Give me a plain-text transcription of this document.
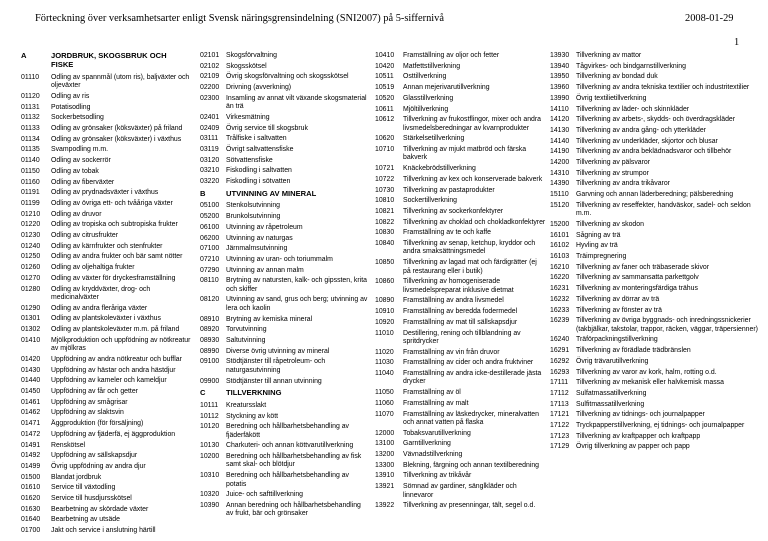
Förteckning över verksamhetsarter enligt Svensk näringsgrensindelning (SNI2007) på 5-siffernivå	2008-01-29
1
A	JORDBRUK, SKOGSBRUK OCH FISKE
01110	Odling av spannmål (utom ris), baljväxter och oljeväxter
01120	Odling av ris
01131	Potatisodling
01132	Sockerbetsodling
01133	Odling av grönsaker (köksväxter) på friland
01134	Odling av grönsaker (köksväxter) i växthus
01135	Svampodling m.m.
01140	Odling av sockerrör
01150	Odling av tobak
01160	Odling av fiberväxter
01191	Odling av prydnadsväxter i växthus
01199	Odling av övriga ett- och tvååriga växter
01210	Odling av druvor
01220	Odling av tropiska och subtropiska frukter
01230	Odling av citrusfrukter
01240	Odling av kärnfrukter och stenfrukter
01250	Odling av andra frukter och bär samt nötter
01260	Odling av oljehaltiga frukter
01270	Odling av växter för dryckesframställning
01280	Odling av kryddväxter, drog- och medicinalväxter
01290	Odling av andra fleråriga växter
01301	Odling av plantskoleväxter i växthus
01302	Odling av plantskoleväxter m.m. på friland
01410	Mjölkproduktion och uppfödning av nötkreatur av mjölkras
01420	Uppfödning av andra nötkreatur och bufflar
01430	Uppfödning av hästar och andra hästdjur
01440	Uppfödning av kameler och kameldjur
01450	Uppfödning av får och getter
01461	Uppfödning av smågrisar
01462	Uppfödning av slaktsvin
01471	Äggproduktion (för försäljning)
01472	Uppfödning av fjäderfä, ej äggproduktion
01491	Renskötsel
01492	Uppfödning av sällskapsdjur
01499	Övrig uppfödning av andra djur
01500	Blandat jordbruk
01610	Service till växtodling
01620	Service till husdjursskötsel
01630	Bearbetning av skördade växter
01640	Bearbetning av utsäde
01700	Jakt och service i anslutning härtill
02101 Skogsförvaltning
02102 Skogsskötsel
02109 Övrig skogsförvaltning och skogsskötsel
02200 Drivning (avverkning)
02300 Insamling av annat vilt växande skogsmaterial än trä
02401 Virkesmätning
02409 Övrig service till skogsbruk
03111	Trålfiske i saltvatten
03119	Övrigt saltvattensfiske
03120 Sötvattensfiske
03210 Fiskodling i saltvatten
03220 Fiskodling i sötvatten
B	UTVINNING AV MINERAL
05100 Stenkolsutvinning
05200 Brunkolsutvinning
06100 Utvinning av råpetroleum
06200 Utvinning av naturgas
07100 Järnmalmsutvinning
07210 Utvinning av uran- och toriummalm
07290 Utvinning av annan malm
08110	Brytning av natursten, kalk- och gipssten, krita och skiffer
08120 Utvinning av sand, grus och berg; utvinning av lera och kaolin
08910 Brytning av kemiska mineral
08920 Torvutvinning
08930 Saltutvinning
08990 Diverse övrig utvinning av mineral
09100 Stödtjänster till råpetroleum- och naturgasutvinning
09900 Stödtjänster till annan utvinning
C	TILLVERKNING
10111	Kreatursslakt
10112	Styckning av kött
10120 Beredning och hållbarhetsbehandling av fjäderfäkött
10130 Charkuteri- och annan köttvarutillverkning
10200 Beredning och hållbarhetsbehandling av fisk samt skal- och blötdjur
10310 Beredning och hållbarhetsbehandling av potatis
10320 Juice- och safttillverkning
10390 Annan beredning och hållbarhetsbehandling av frukt, bär och grönsaker
10410	Framställning av oljor och fetter
10420	Matfettstillverkning
10511	Osttillverkning
10519	Annan mejerivarutillverkning
10520	Glasstillverkning
10611	Mjöltillverkning
10612	Tillverkning av frukostflingor, mixer och andra livsmedelsberedningar av kvarnprodukter
10620	Stärkelsetillverkning
10710	Tillverkning av mjukt matbröd och färska bakverk
10721	Knäckebrödstillverkning
10722	Tillverkning av kex och konserverade bakverk
10730	Tillverkning av pastaprodukter
10810	Sockertillverkning
10821	Tillverkning av sockerkonfektyrer
10822	Tillverkning av choklad och chokladkonfektyrer
10830	Framställning av te och kaffe
10840	Tillverkning av senap, ketchup, kryddor och andra smaksättningsmedel
10850	Tillverkning av lagad mat och färdigrätter (ej på restaurang eller i butik)
10860	Tillverkning av homogeniserade livsmedelspreparat inklusive dietmat
10890	Framställning av andra livsmedel
10910	Framställning av beredda fodermedel
10920	Framställning av mat till sällskapsdjur
11010	Destillering, rening och tillblandning av spritdrycker
11020	Framställning av vin från druvor
11030	Framställning av cider och andra fruktviner
11040	Framställning av andra icke-destillerade jästa drycker
11050	Framställning av öl
11060	Framställning av malt
11070	Framställning av läskedrycker, mineralvatten och annat vatten på flaska
12000	Tobaksvarutillverkning
13100	Garntillverkning
13200	Vävnadstillverkning
13300	Blekning, färgning och annan textilberedning
13910	Tillverkning av trikåvår
13921	Sömnad av gardiner, sänglkläder och linnevaror
13922	Tillverkning av presenningar, tält, segel o.d.
13930 Tillverkning av mattor
13940 Tågvirkes- och bindgarnstillverkning
13950 Tillverkning av bondad duk
13960 Tillverkning av andra tekniska textilier och industritextilier
13990 Övrig textilietillverkning
14110	Tillverkning av läder- och skinnkläder
14120 Tillverkning av arbets-, skydds- och överdragskläder
14130 Tillverkning av andra gång- och ytterkläder
14140 Tillverkning av underkläder, skjortor och blusar
14190 Tillverkning av andra beklädnadsvaror och tillbehör
14200 Tillverkning av pälsvaror
14310 Tillverkning av strumpor
14390 Tillverkning av andra trikåvaror
15110	Garvning och annan läderberedning; pälsberedning
15120 Tillverkning av reseffekter, handväskor, sadel- och seldon m.m.
15200 Tillverkning av skodon
16101 Sågning av trä
16102 Hyvling av trä
16103 Träimpregnering
16210 Tillverkning av faner och träbaserade skivor
16220 Tillverkning av sammansatta parkettgolv
16231 Tillverkning av monteringsfärdiga trähus
16232 Tillverkning av dörrar av trä
16233 Tillverkning av fönster av trä
16239 Tillverkning av övriga byggnads- och inredningssnickerier (takbjälkar, takstolar, trappor, räcken, väggar, träpersienner)
16240 Träförpackningstillverkning
16291 Tillverkning av förädlade trädbränslen
16292 Övrig trävarutillverkning
16293 Tillverkning av varor av kork, halm, rotting o.d.
17111	Tillverkning av mekanisk eller halvkemisk massa
17112	Sulfatmassatillverkning
17113	Sulfitmassatillverkning
17121 Tillverkning av tidnings- och journalpapper
17122 Tryckpapperstillverkning, ej tidnings- och journalpapper
17123 Tillverkning av kraftpapper och kraftpapp
17129 Övrig tillverkning av papper och papp
